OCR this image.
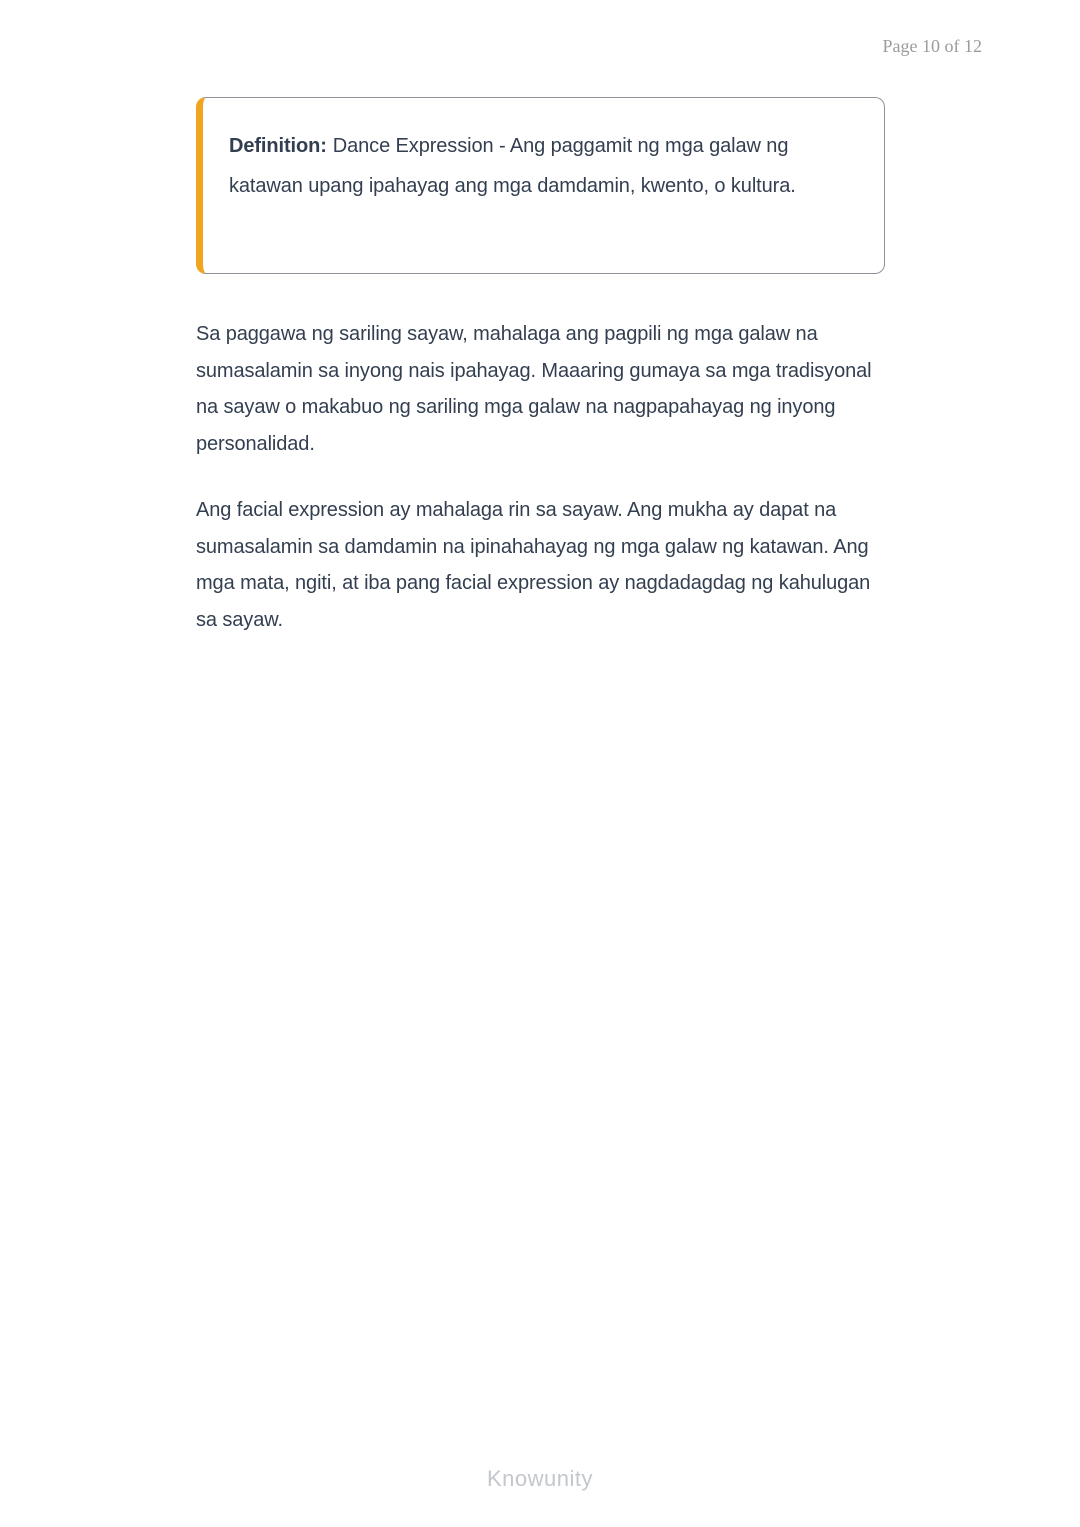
Page 10 of 12

Definition: Dance Expression - Ang paggamit ng mga galaw ng katawan upang ipahayag ang mga damdamin, kwento, o kultura.

Sa paggawa ng sariling sayaw, mahalaga ang pagpili ng mga galaw na sumasalamin sa inyong nais ipahayag. Maaaring gumaya sa mga tradisyonal na sayaw o makabuo ng sariling mga galaw na nagpapahayag ng inyong personalidad.

Ang facial expression ay mahalaga rin sa sayaw. Ang mukha ay dapat na sumasalamin sa damdamin na ipinahahayag ng mga galaw ng katawan. Ang mga mata, ngiti, at iba pang facial expression ay nagdadagdag ng kahulugan sa sayaw.

Knowunity
